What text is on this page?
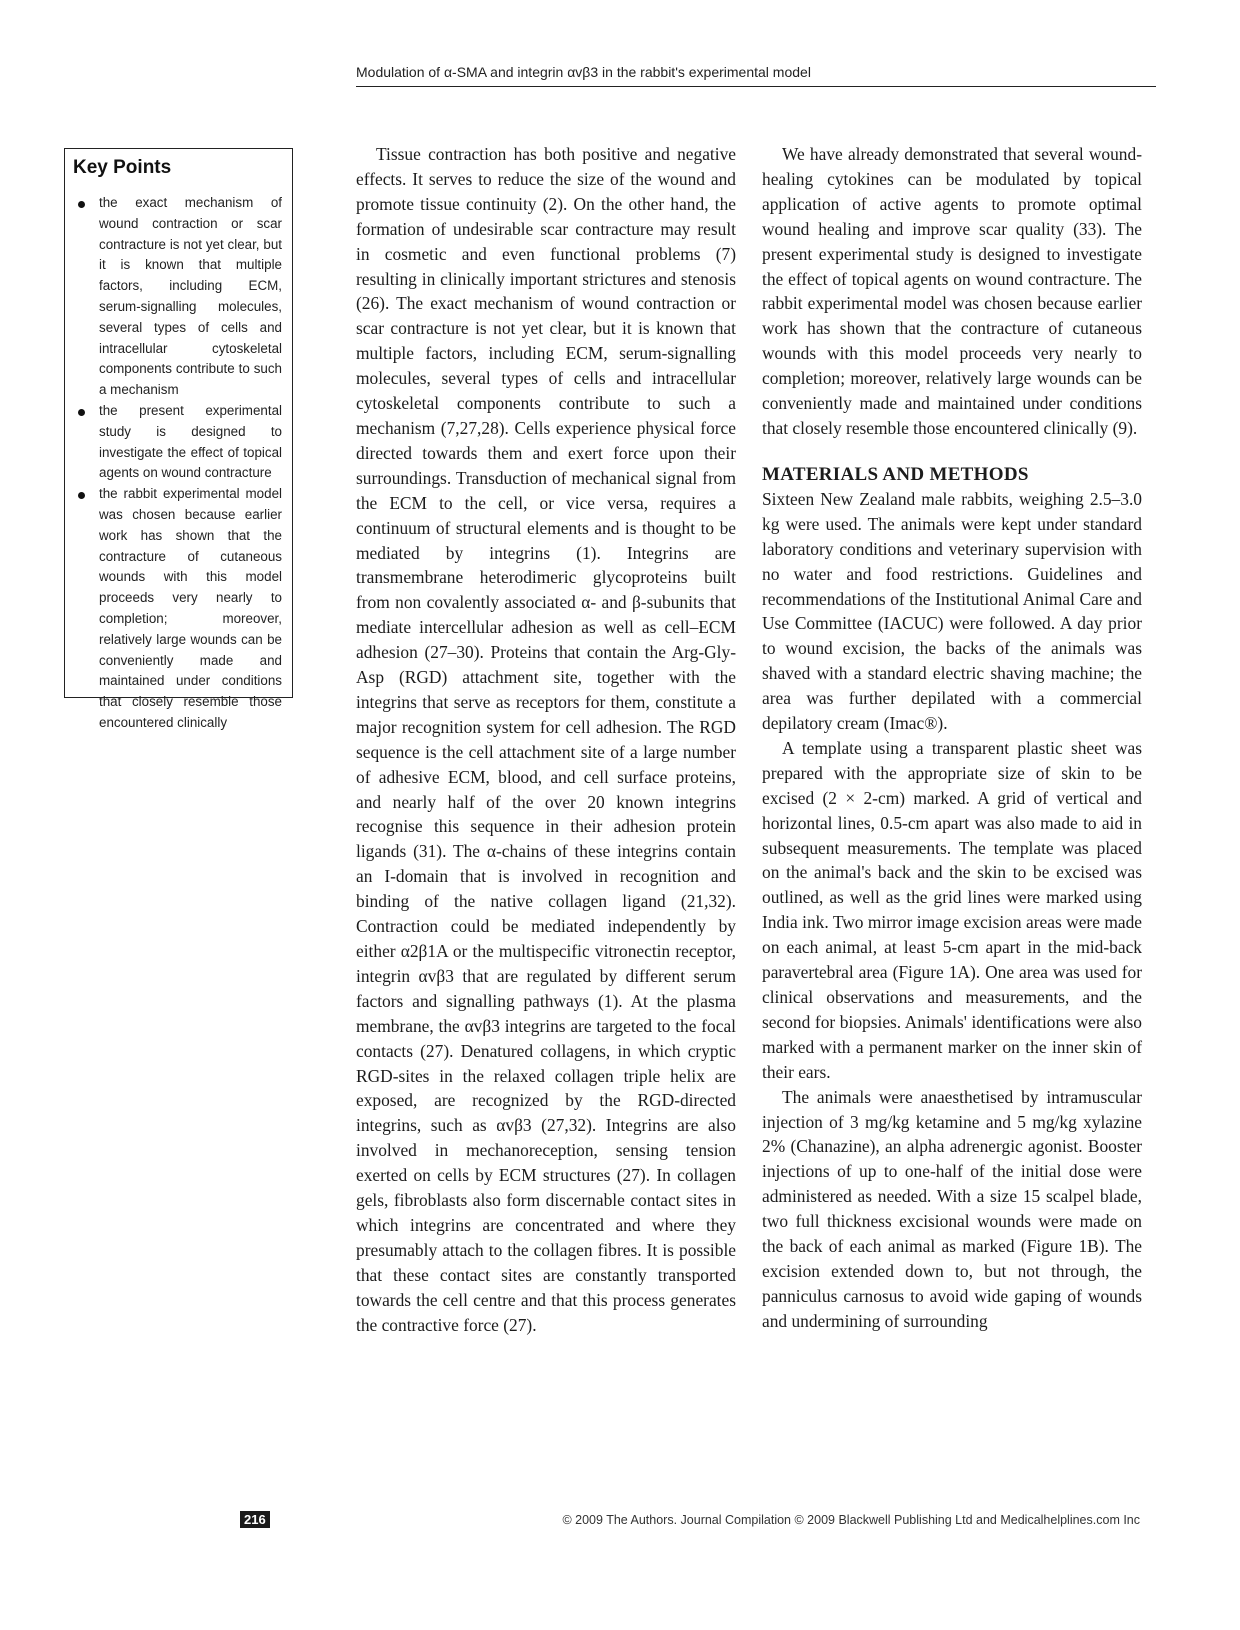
Modulation of α-SMA and integrin αvβ3 in the rabbit's experimental model
Key Points
the exact mechanism of wound contraction or scar contracture is not yet clear, but it is known that multiple factors, including ECM, serum-signalling molecules, several types of cells and intracellular cytoskeletal components contribute to such a mechanism
the present experimental study is designed to investigate the effect of topical agents on wound contracture
the rabbit experimental model was chosen because earlier work has shown that the contracture of cutaneous wounds with this model proceeds very nearly to completion; moreover, relatively large wounds can be conveniently made and maintained under conditions that closely resemble those encountered clinically

Tissue contraction has both positive and negative effects. It serves to reduce the size of the wound and promote tissue continuity (2). On the other hand, the formation of undesirable scar contracture may result in cosmetic and even functional problems (7) resulting in clinically important strictures and stenosis (26). The exact mechanism of wound contraction or scar contracture is not yet clear, but it is known that multiple factors, including ECM, serum-signalling molecules, several types of cells and intracellular cytoskeletal components contribute to such a mechanism (7,27,28). Cells experience physical force directed towards them and exert force upon their surroundings. Transduction of mechanical signal from the ECM to the cell, or vice versa, requires a continuum of structural elements and is thought to be mediated by integrins (1). Integrins are transmembrane heterodimeric glycoproteins built from non covalently associated α- and β-subunits that mediate intercellular adhesion as well as cell–ECM adhesion (27–30). Proteins that contain the Arg-Gly-Asp (RGD) attachment site, together with the integrins that serve as receptors for them, constitute a major recognition system for cell adhesion. The RGD sequence is the cell attachment site of a large number of adhesive ECM, blood, and cell surface proteins, and nearly half of the over 20 known integrins recognise this sequence in their adhesion protein ligands (31). The α-chains of these integrins contain an I-domain that is involved in recognition and binding of the native collagen ligand (21,32). Contraction could be mediated independently by either α2β1A or the multispecific vitronectin receptor, integrin αvβ3 that are regulated by different serum factors and signalling pathways (1). At the plasma membrane, the αvβ3 integrins are targeted to the focal contacts (27). Denatured collagens, in which cryptic RGD-sites in the relaxed collagen triple helix are exposed, are recognized by the RGD-directed integrins, such as αvβ3 (27,32). Integrins are also involved in mechanoreception, sensing tension exerted on cells by ECM structures (27). In collagen gels, fibroblasts also form discernable contact sites in which integrins are concentrated and where they presumably attach to the collagen fibres. It is possible that these contact sites are constantly transported towards the cell centre and that this process generates the contractive force (27).

We have already demonstrated that several wound-healing cytokines can be modulated by topical application of active agents to promote optimal wound healing and improve scar quality (33). The present experimental study is designed to investigate the effect of topical agents on wound contracture. The rabbit experimental model was chosen because earlier work has shown that the contracture of cutaneous wounds with this model proceeds very nearly to completion; moreover, relatively large wounds can be conveniently made and maintained under conditions that closely resemble those encountered clinically (9).

MATERIALS AND METHODS

Sixteen New Zealand male rabbits, weighing 2.5–3.0 kg were used. The animals were kept under standard laboratory conditions and veterinary supervision with no water and food restrictions. Guidelines and recommendations of the Institutional Animal Care and Use Committee (IACUC) were followed. A day prior to wound excision, the backs of the animals was shaved with a standard electric shaving machine; the area was further depilated with a commercial depilatory cream (Imac®).

A template using a transparent plastic sheet was prepared with the appropriate size of skin to be excised (2 × 2-cm) marked. A grid of vertical and horizontal lines, 0.5-cm apart was also made to aid in subsequent measurements. The template was placed on the animal's back and the skin to be excised was outlined, as well as the grid lines were marked using India ink. Two mirror image excision areas were made on each animal, at least 5-cm apart in the mid-back paravertebral area (Figure 1A). One area was used for clinical observations and measurements, and the second for biopsies. Animals' identifications were also marked with a permanent marker on the inner skin of their ears.

The animals were anaesthetised by intramuscular injection of 3 mg/kg ketamine and 5 mg/kg xylazine 2% (Chanazine), an alpha adrenergic agonist. Booster injections of up to one-half of the initial dose were administered as needed. With a size 15 scalpel blade, two full thickness excisional wounds were made on the back of each animal as marked (Figure 1B). The excision extended down to, but not through, the panniculus carnosus to avoid wide gaping of wounds and undermining of surrounding

216	© 2009 The Authors. Journal Compilation © 2009 Blackwell Publishing Ltd and Medicalhelplines.com Inc
